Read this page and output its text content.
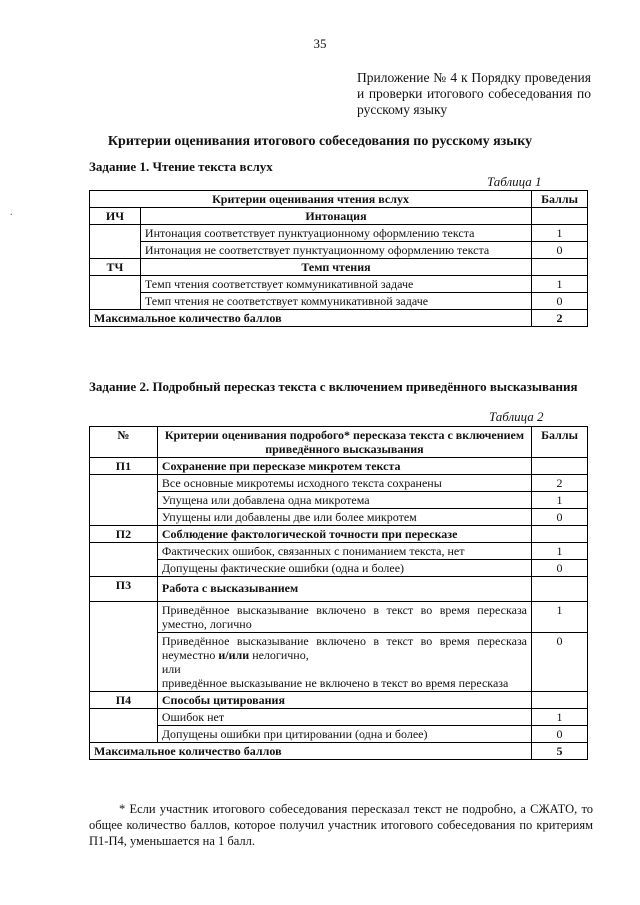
35
Приложение № 4 к Порядку проведения и проверки итогового собеседования по русскому языку
Критерии оценивания итогового собеседования по русскому языку
.
Задание 1. Чтение текста вслух
Таблица 1
Критерии оценивания чтения вслух		Баллы
ИЧ	Интонация	
	Интонация соответствует пунктуационному оформлению текста	1
	Интонация не соответствует пунктуационному оформлению текста	0
ТЧ	Темп чтения	
	Темп чтения соответствует коммуникативной задаче	1
	Темп чтения не соответствует коммуникативной задаче	0
Максимальное количество баллов		2
Задание 2. Подробный пересказ текста с включением приведённого высказывания
Таблица 2
№	Критерии оценивания подробого* пересказа текста с включением приведённого высказывания	Баллы
П1	Сохранение при пересказе микротем текста	
	Все основные микротемы исходного текста сохранены	2
	Упущена или добавлена одна микротема	1
	Упущены или добавлены две или более микротем	0
П2	Соблюдение фактологической точности при пересказе	
	Фактических ошибок, связанных с пониманием текста, нет	1
	Допущены фактические ошибки (одна и более)	0
П3	Работа с высказыванием	
	Приведённое высказывание включено в текст во время пересказа уместно, логично	1
	Приведённое высказывание включено в текст во время пересказа неуместно и/или нелогично,
или
приведённое высказывание не включено в текст во время пересказа	0
П4	Способы цитирования	
	Ошибок нет	1
	Допущены ошибки при цитировании (одна и более)	0
Максимальное количество баллов		5
* Если участник итогового собеседования пересказал текст не подробно, а СЖАТО, то общее количество баллов, которое получил участник итогового собеседования по критериям П1-П4, уменьшается на 1 балл.
